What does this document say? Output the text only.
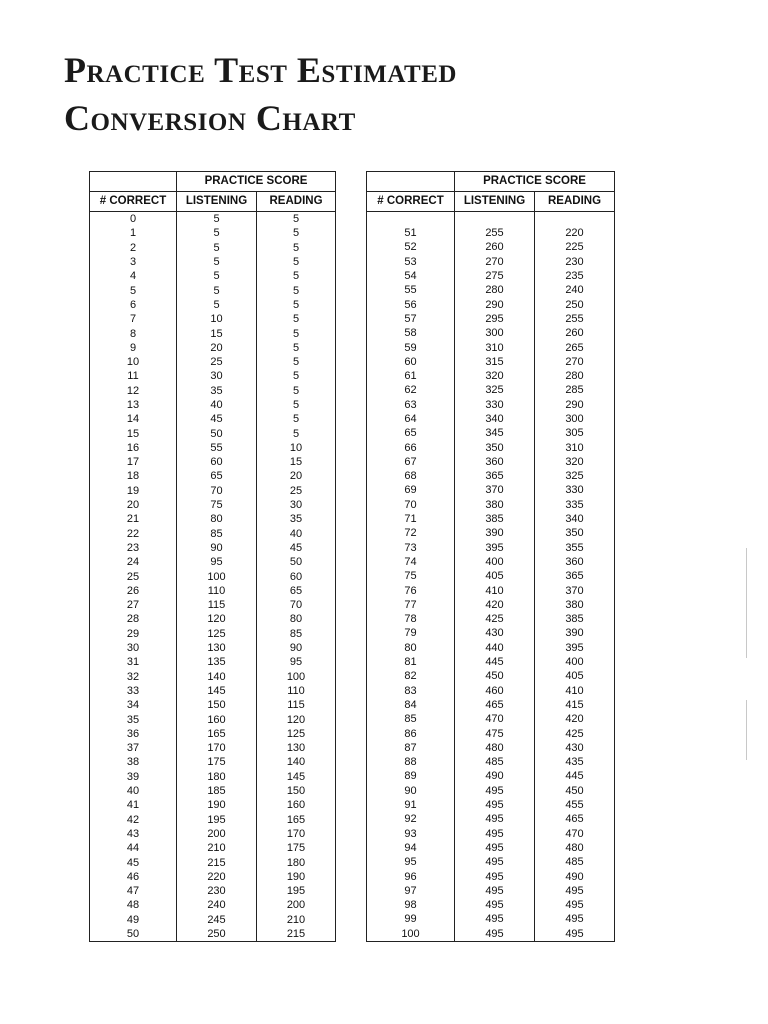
Practice Test Estimated
Conversion Chart
	PRACTICE SCORE	
# CORRECT	LISTENING	READING
0	5	5
1	5	5
2	5	5
3	5	5
4	5	5
5	5	5
6	5	5
7	10	5
8	15	5
9	20	5
10	25	5
11	30	5
12	35	5
13	40	5
14	45	5
15	50	5
16	55	10
17	60	15
18	65	20
19	70	25
20	75	30
21	80	35
22	85	40
23	90	45
24	95	50
25	100	60
26	110	65
27	115	70
28	120	80
29	125	85
30	130	90
31	135	95
32	140	100
33	145	110
34	150	115
35	160	120
36	165	125
37	170	130
38	175	140
39	180	145
40	185	150
41	190	160
42	195	165
43	200	170
44	210	175
45	215	180
46	220	190
47	230	195
48	240	200
49	245	210
50	250	215
	PRACTICE SCORE	
# CORRECT	LISTENING	READING

51	255	220
52	260	225
53	270	230
54	275	235
55	280	240
56	290	250
57	295	255
58	300	260
59	310	265
60	315	270
61	320	280
62	325	285
63	330	290
64	340	300
65	345	305
66	350	310
67	360	320
68	365	325
69	370	330
70	380	335
71	385	340
72	390	350
73	395	355
74	400	360
75	405	365
76	410	370
77	420	380
78	425	385
79	430	390
80	440	395
81	445	400
82	450	405
83	460	410
84	465	415
85	470	420
86	475	425
87	480	430
88	485	435
89	490	445
90	495	450
91	495	455
92	495	465
93	495	470
94	495	480
95	495	485
96	495	490
97	495	495
98	495	495
99	495	495
100	495	495
